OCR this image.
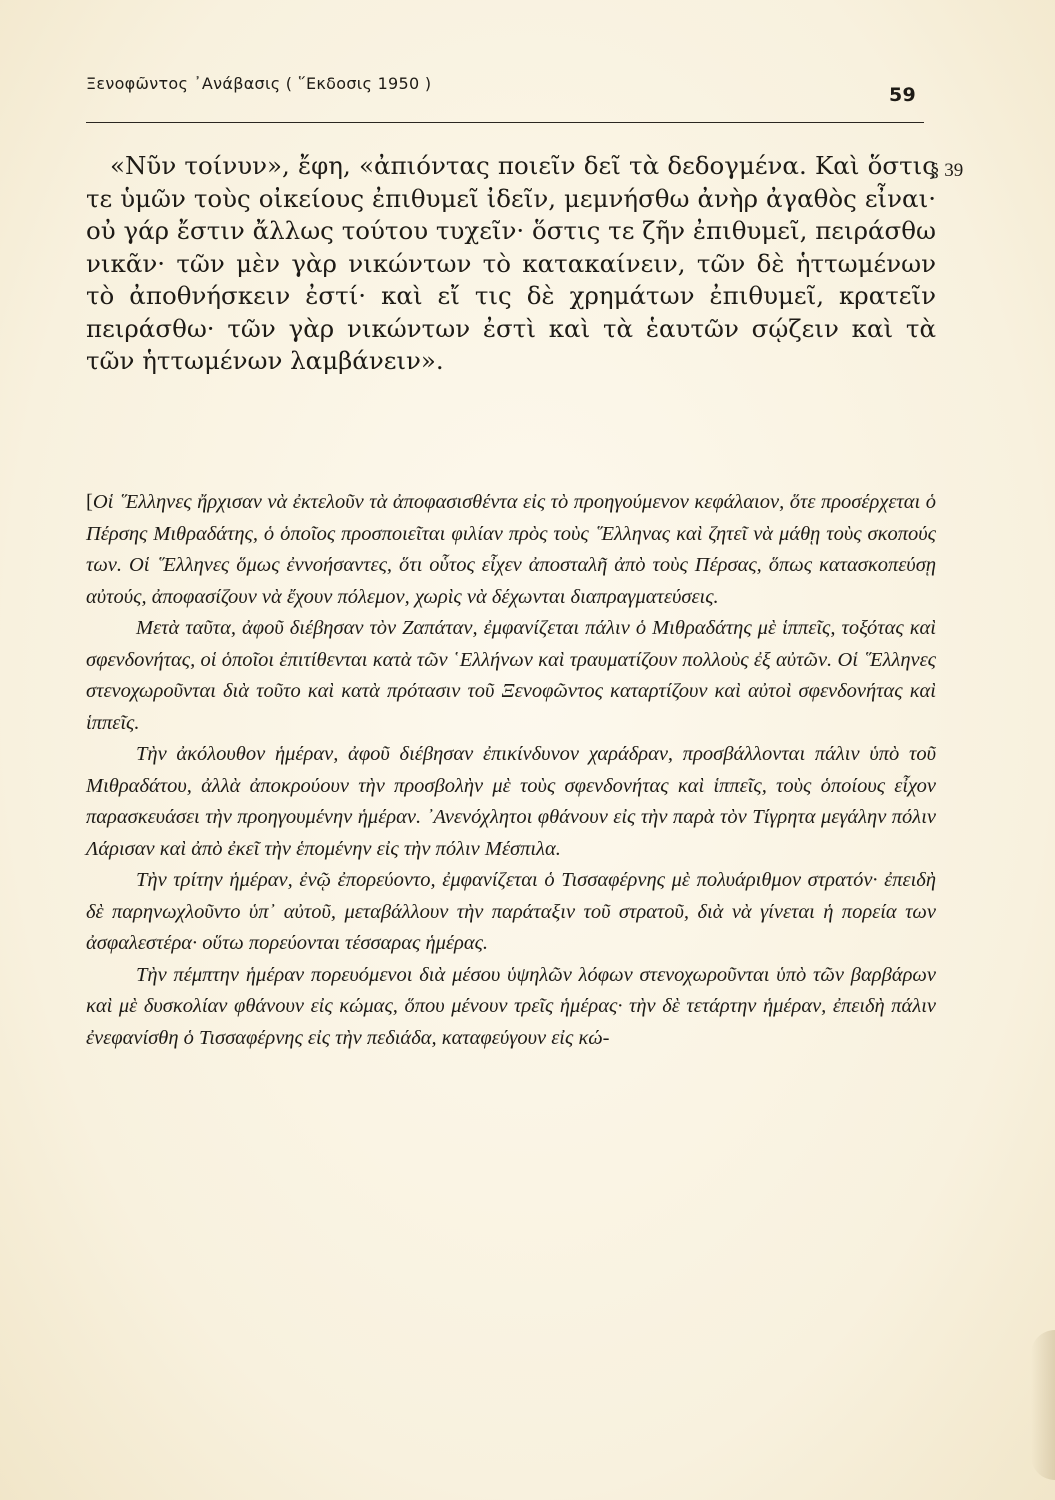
Ξενοφῶντος ᾿Ανάβασις ( ῞Εκδοσις 1950 )
59
§ 39

«Νῦν τοίνυν», ἔφη, «ἀπιόντας ποιεῖν δεῖ τὰ δεδογμένα. Καὶ ὅστις τε ὑμῶν τοὺς οἰκείους ἐπιθυμεῖ ἰδεῖν, μεμνήσθω ἀνὴρ ἀγαθὸς εἶναι· οὐ γάρ ἔστιν ἄλλως τούτου τυχεῖν· ὅστις τε ζῆν ἐπιθυμεῖ, πειράσθω νικᾶν· τῶν μὲν γὰρ νικώντων τὸ κατακαίνειν, τῶν δὲ ἡττωμένων τὸ ἀποθνήσκειν ἐστί· καὶ εἴ τις δὲ χρημάτων ἐπιθυμεῖ, κρατεῖν πειράσθω· τῶν γὰρ νικώντων ἐστὶ καὶ τὰ ἑαυτῶν σῴζειν καὶ τὰ τῶν ἡττωμένων λαμβάνειν».

[Οἱ ῞Ελληνες ἤρχισαν νὰ ἐκτελοῦν τὰ ἀποφασισθέντα εἰς τὸ προηγούμενον κεφάλαιον, ὅτε προσέρχεται ὁ Πέρσης Μιθραδάτης, ὁ ὁποῖος προσποιεῖται φιλίαν πρὸς τοὺς ῞Ελληνας καὶ ζητεῖ νὰ μάθῃ τοὺς σκοπούς των. Οἱ ῞Ελληνες ὅμως ἐννοήσαντες, ὅτι οὗτος εἶχεν ἀποσταλῆ ἀπὸ τοὺς Πέρσας, ὅπως κατασκοπεύσῃ αὐτούς, ἀποφασίζουν νὰ ἔχουν πόλεμον, χωρὶς νὰ δέχωνται διαπραγματεύσεις.

Μετὰ ταῦτα, ἀφοῦ διέβησαν τὸν Ζαπάταν, ἐμφανίζεται πάλιν ὁ Μιθραδάτης μὲ ἱππεῖς, τοξότας καὶ σφενδονήτας, οἱ ὁποῖοι ἐπιτίθενται κατὰ τῶν ῾Ελλήνων καὶ τραυματίζουν πολλοὺς ἐξ αὐτῶν. Οἱ ῞Ελληνες στενοχωροῦνται διὰ τοῦτο καὶ κατὰ πρότασιν τοῦ Ξενοφῶντος καταρτίζουν καὶ αὐτοὶ σφενδονήτας καὶ ἱππεῖς.

Τὴν ἀκόλουθον ἡμέραν, ἀφοῦ διέβησαν ἐπικίνδυνον χαράδραν, προσβάλλονται πάλιν ὑπὸ τοῦ Μιθραδάτου, ἀλλὰ ἀποκρούουν τὴν προσβολὴν μὲ τοὺς σφενδονήτας καὶ ἱππεῖς, τοὺς ὁποίους εἶχον παρασκευάσει τὴν προηγουμένην ἡμέραν. ᾿Ανενόχλητοι φθάνουν εἰς τὴν παρὰ τὸν Τίγρητα μεγάλην πόλιν Λάρισαν καὶ ἀπὸ ἐκεῖ τὴν ἑπομένην εἰς τὴν πόλιν Μέσπιλα.

Τὴν τρίτην ἡμέραν, ἐνῷ ἐπορεύοντο, ἐμφανίζεται ὁ Τισσαφέρνης μὲ πολυάριθμον στρατόν· ἐπειδὴ δὲ παρηνωχλοῦντο ὑπ᾿ αὐτοῦ, μεταβάλλουν τὴν παράταξιν τοῦ στρατοῦ, διὰ νὰ γίνεται ἡ πορεία των ἀσφαλεστέρα· οὕτω πορεύονται τέσσαρας ἡμέρας.

Τὴν πέμπτην ἡμέραν πορευόμενοι διὰ μέσου ὑψηλῶν λόφων στενοχωροῦνται ὑπὸ τῶν βαρβάρων καὶ μὲ δυσκολίαν φθάνουν εἰς κώμας, ὅπου μένουν τρεῖς ἡμέρας· τὴν δὲ τετάρτην ἡμέραν, ἐπειδὴ πάλιν ἐνεφανίσθη ὁ Τισσαφέρνης εἰς τὴν πεδιάδα, καταφεύγουν εἰς κώ-
